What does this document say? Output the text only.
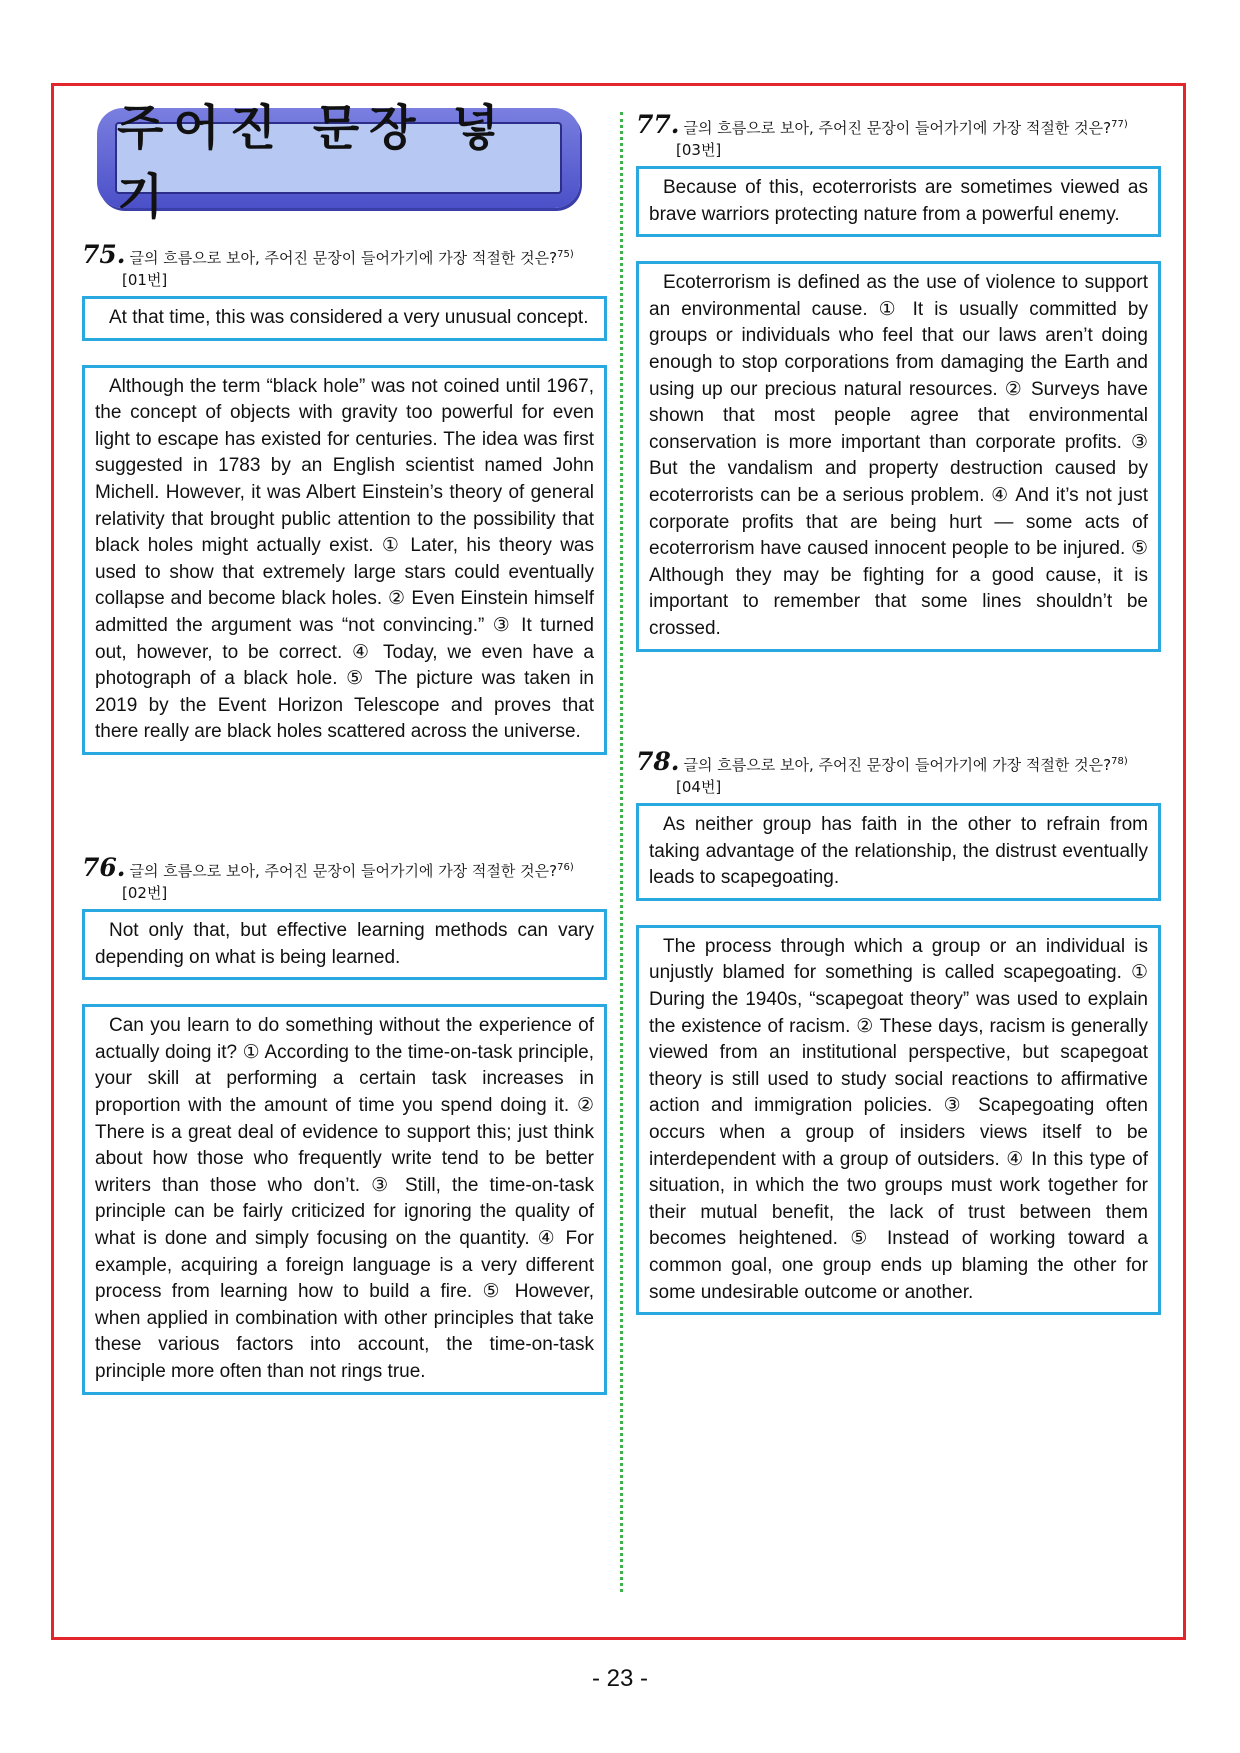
주어진 문장 넣기
75. 글의 흐름으로 보아, 주어진 문장이 들어가기에 가장 적절한 것은?$^{75)}$
[01번]
At that time, this was considered a very unusual concept.
Although the term “black hole” was not coined until 1967, the concept of objects with gravity too powerful for even light to escape has existed for centuries. The idea was first suggested in 1783 by an English scientist named John Michell. However, it was Albert Einstein’s theory of general relativity that brought public attention to the possibility that black holes might actually exist. ① Later, his theory was used to show that extremely large stars could eventually collapse and become black holes. ② Even Einstein himself admitted the argument was “not convincing.” ③ It turned out, however, to be correct. ④ Today, we even have a photograph of a black hole. ⑤ The picture was taken in 2019 by the Event Horizon Telescope and proves that there really are black holes scattered across the universe.
76. 글의 흐름으로 보아, 주어진 문장이 들어가기에 가장 적절한 것은?$^{76)}$
[02번]
Not only that, but effective learning methods can vary depending on what is being learned.
Can you learn to do something without the experience of actually doing it? ① According to the time-on-task principle, your skill at performing a certain task increases in proportion with the amount of time you spend doing it. ② There is a great deal of evidence to support this; just think about how those who frequently write tend to be better writers than those who don’t. ③ Still, the time-on-task principle can be fairly criticized for ignoring the quality of what is done and simply focusing on the quantity. ④ For example, acquiring a foreign language is a very different process from learning how to build a fire. ⑤ However, when applied in combination with other principles that take these various factors into account, the time-on-task principle more often than not rings true.
77. 글의 흐름으로 보아, 주어진 문장이 들어가기에 가장 적절한 것은?$^{77)}$
[03번]
Because of this, ecoterrorists are sometimes viewed as brave warriors protecting nature from a powerful enemy.
Ecoterrorism is defined as the use of violence to support an environmental cause. ① It is usually committed by groups or individuals who feel that our laws aren’t doing enough to stop corporations from damaging the Earth and using up our precious natural resources. ② Surveys have shown that most people agree that environmental conservation is more important than corporate profits. ③ But the vandalism and property destruction caused by ecoterrorists can be a serious problem. ④ And it’s not just corporate profits that are being hurt — some acts of ecoterrorism have caused innocent people to be injured. ⑤ Although they may be fighting for a good cause, it is important to remember that some lines shouldn’t be crossed.
78. 글의 흐름으로 보아, 주어진 문장이 들어가기에 가장 적절한 것은?$^{78)}$
[04번]
As neither group has faith in the other to refrain from taking advantage of the relationship, the distrust eventually leads to scapegoating.
The process through which a group or an individual is unjustly blamed for something is called scapegoating. ① During the 1940s, “scapegoat theory” was used to explain the existence of racism. ② These days, racism is generally viewed from an institutional perspective, but scapegoat theory is still used to study social reactions to affirmative action and immigration policies. ③ Scapegoating often occurs when a group of insiders views itself to be interdependent with a group of outsiders. ④ In this type of situation, in which the two groups must work together for their mutual benefit, the lack of trust between them becomes heightened. ⑤ Instead of working toward a common goal, one group ends up blaming the other for some undesirable outcome or another.
- 23 -
